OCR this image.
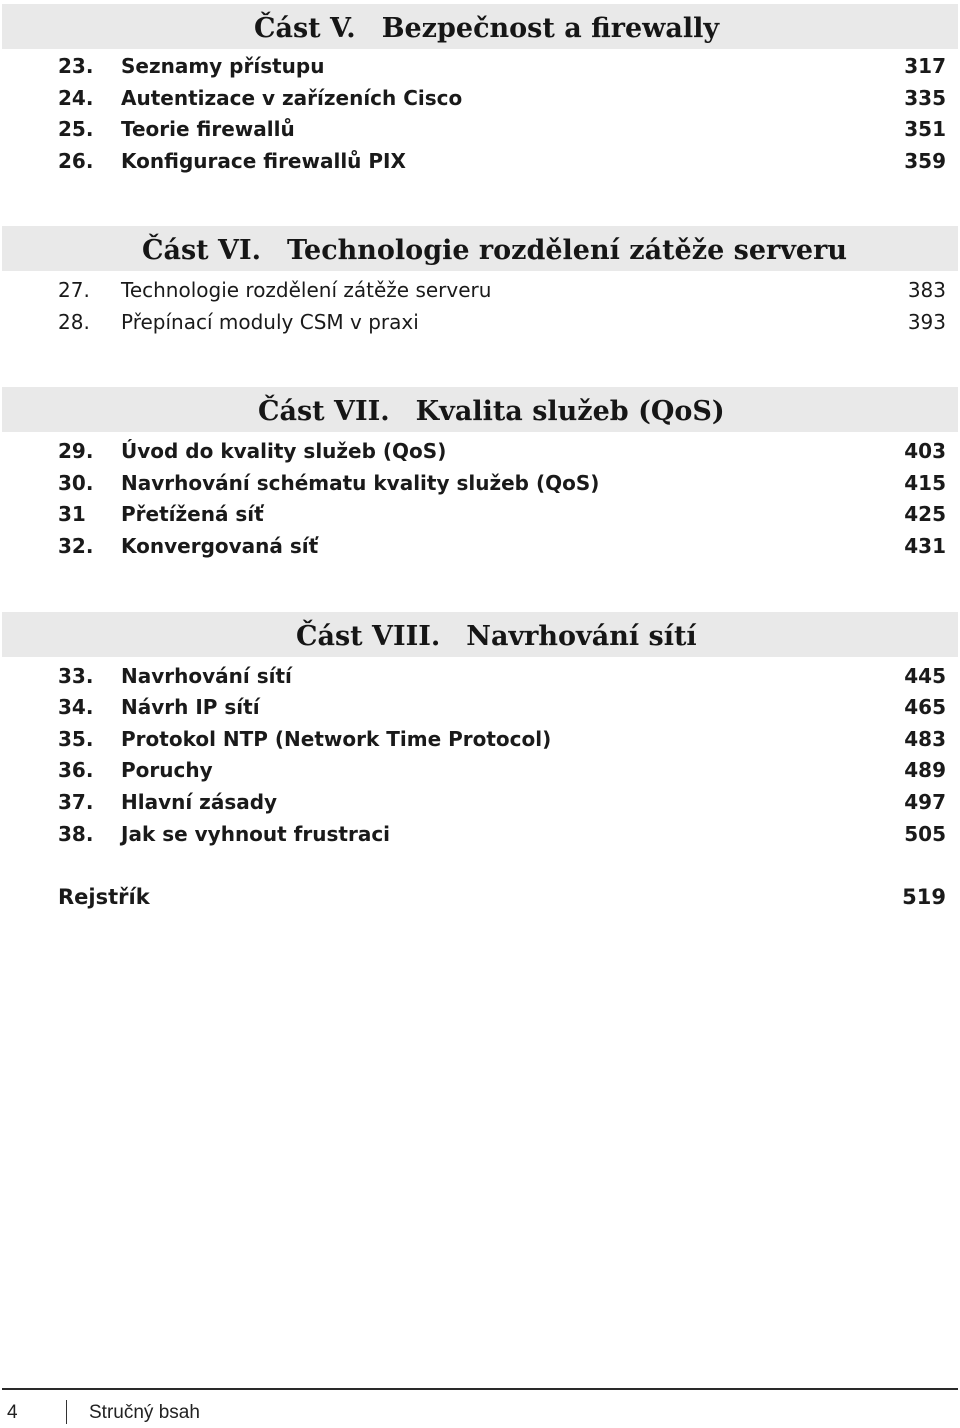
Část V. Bezpečnost a firewally
23. Seznamy přístupu	317
24. Autentizace v zařízeních Cisco	335
25. Teorie firewallů	351
26. Konfigurace firewallů PIX	359
Část VI. Technologie rozdělení zátěže serveru
27. Technologie rozdělení zátěže serveru	383
28. Přepínací moduly CSM v praxi	393
Část VII. Kvalita služeb (QoS)
29. Úvod do kvality služeb (QoS)	403
30. Navrhování schématu kvality služeb (QoS)	415
31 Přetížená síť	425
32. Konvergovaná síť	431
Část VIII. Navrhování sítí
33. Navrhování sítí	445
34. Návrh IP sítí	465
35. Protokol NTP (Network Time Protocol)	483
36. Poruchy	489
37. Hlavní zásady	497
38. Jak se vyhnout frustraci	505
Rejstřík	519
4	Stručný bsah
